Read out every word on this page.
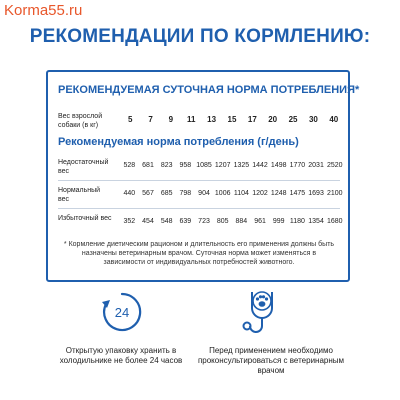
Korma55.ru
РЕКОМЕНДАЦИИ ПО КОРМЛЕНИЮ:
РЕКОМЕНДУЕМАЯ СУТОЧНАЯ НОРМА ПОТРЕБЛЕНИЯ*
Вес взрослой собаки (в кг)
5	7	9	11	13	15	17	20	25	30	40
Рекомендуемая норма потребления (г/день)
Недостаточный вес
528 681 823 958 1085 1207 1325 1442 1498 1770 2031 2520
Нормальный вес
440 567 685 798 904 1006 1104 1202 1248 1475 1693 2100
Избыточный вес	352 454 548 639 723 805 884 961 999 1180 1354 1680
* Кормление диетическим рационом и длительность его применения должны быть назначены ветеринарным врачом. Суточная норма может изменяться в зависимости от индивидуальных потребностей животного.
24
Открытую упаковку хранить в холодильнике не более 24 часов
Перед применением необходимо проконсультироваться с ветеринарным врачом
